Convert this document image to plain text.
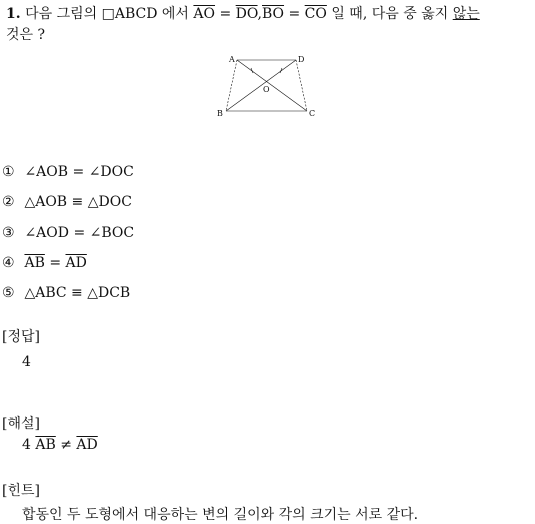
1. 다음 그림의 □ABCD 에서 $\overline{AO} = \overline{DO},\overline{BO} = \overline{CO}$ 일 때, 다음 중 옳지 않는
것은 ?
A	D
B	C
O
① ∠AOB = ∠DOC
② △AOB ≡ △DOC
③ ∠AOD = ∠BOC
④ $\overline{AB} = \overline{AD}$
⑤ △ABC ≡ △DCB
[정답]
4
[해설]
4 $\overline{AB} \ne \overline{AD}$
[힌트]
합동인 두 도형에서 대응하는 변의 길이와 각의 크기는 서로 같다.
